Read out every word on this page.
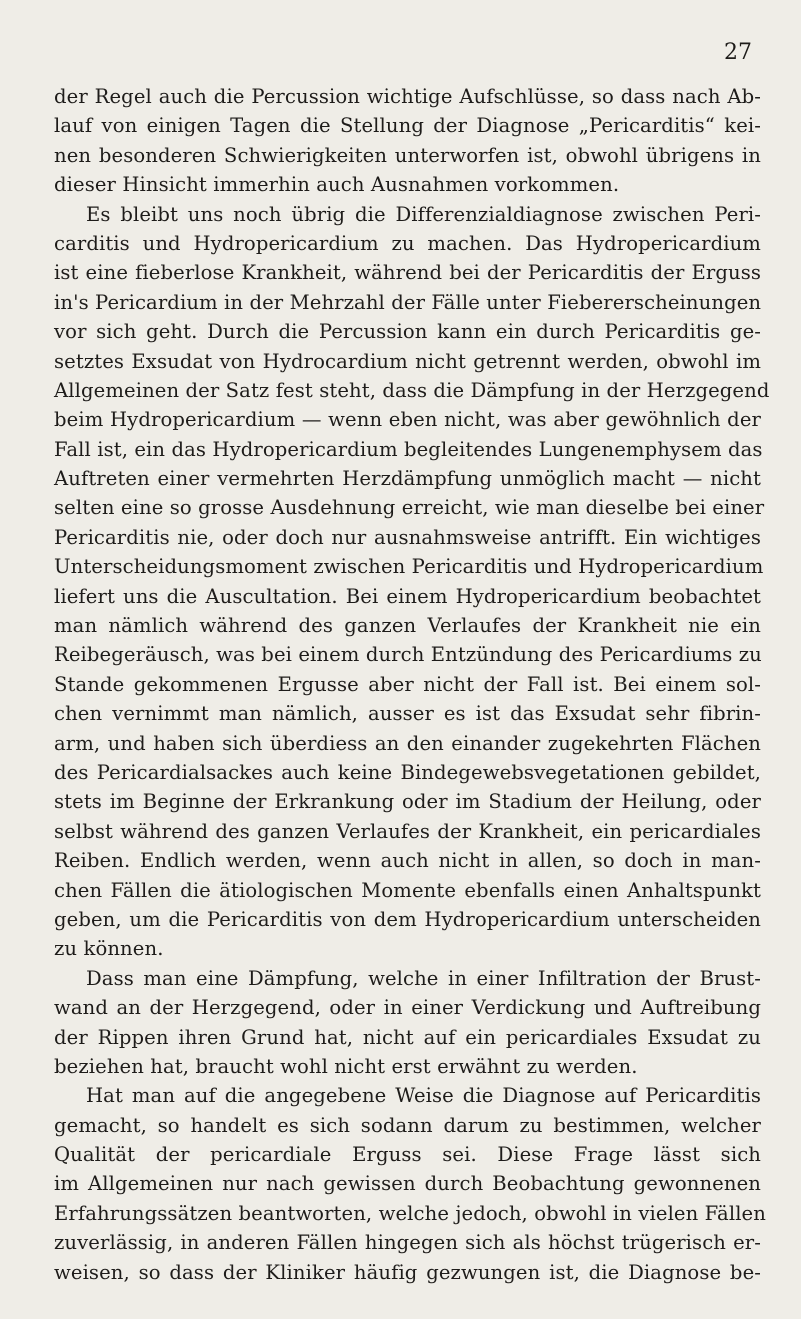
27
der Regel auch die Percussion wichtige Aufschlüsse, so dass nach Ab-
lauf von einigen Tagen die Stellung der Diagnose „Pericarditis“ kei-
nen besonderen Schwierigkeiten unterworfen ist, obwohl übrigens in
dieser Hinsicht immerhin auch Ausnahmen vorkommen.
Es bleibt uns noch übrig die Differenzialdiagnose zwischen Peri-
carditis und Hydropericardium zu machen. Das Hydropericardium
ist eine fieberlose Krankheit, während bei der Pericarditis der Erguss
in's Pericardium in der Mehrzahl der Fälle unter Fiebererscheinungen
vor sich geht. Durch die Percussion kann ein durch Pericarditis ge-
setztes Exsudat von Hydrocardium nicht getrennt werden, obwohl im
Allgemeinen der Satz fest steht, dass die Dämpfung in der Herzgegend
beim Hydropericardium — wenn eben nicht, was aber gewöhnlich der
Fall ist, ein das Hydropericardium begleitendes Lungenemphysem das
Auftreten einer vermehrten Herzdämpfung unmöglich macht — nicht
selten eine so grosse Ausdehnung erreicht, wie man dieselbe bei einer
Pericarditis nie, oder doch nur ausnahmsweise antrifft. Ein wichtiges
Unterscheidungsmoment zwischen Pericarditis und Hydropericardium
liefert uns die Auscultation. Bei einem Hydropericardium beobachtet
man nämlich während des ganzen Verlaufes der Krankheit nie ein
Reibegeräusch, was bei einem durch Entzündung des Pericardiums zu
Stande gekommenen Ergusse aber nicht der Fall ist. Bei einem sol-
chen vernimmt man nämlich, ausser es ist das Exsudat sehr fibrin-
arm, und haben sich überdiess an den einander zugekehrten Flächen
des Pericardialsackes auch keine Bindegewebsvegetationen gebildet,
stets im Beginne der Erkrankung oder im Stadium der Heilung, oder
selbst während des ganzen Verlaufes der Krankheit, ein pericardiales
Reiben. Endlich werden, wenn auch nicht in allen, so doch in man-
chen Fällen die ätiologischen Momente ebenfalls einen Anhaltspunkt
geben, um die Pericarditis von dem Hydropericardium unterscheiden
zu können.
Dass man eine Dämpfung, welche in einer Infiltration der Brust-
wand an der Herzgegend, oder in einer Verdickung und Auftreibung
der Rippen ihren Grund hat, nicht auf ein pericardiales Exsudat zu
beziehen hat, braucht wohl nicht erst erwähnt zu werden.
Hat man auf die angegebene Weise die Diagnose auf Pericarditis
gemacht, so handelt es sich sodann darum zu bestimmen, welcher
Qualität der pericardiale Erguss sei. Diese Frage lässt sich
im Allgemeinen nur nach gewissen durch Beobachtung gewonnenen
Erfahrungssätzen beantworten, welche jedoch, obwohl in vielen Fällen
zuverlässig, in anderen Fällen hingegen sich als höchst trügerisch er-
weisen, so dass der Kliniker häufig gezwungen ist, die Diagnose be-
